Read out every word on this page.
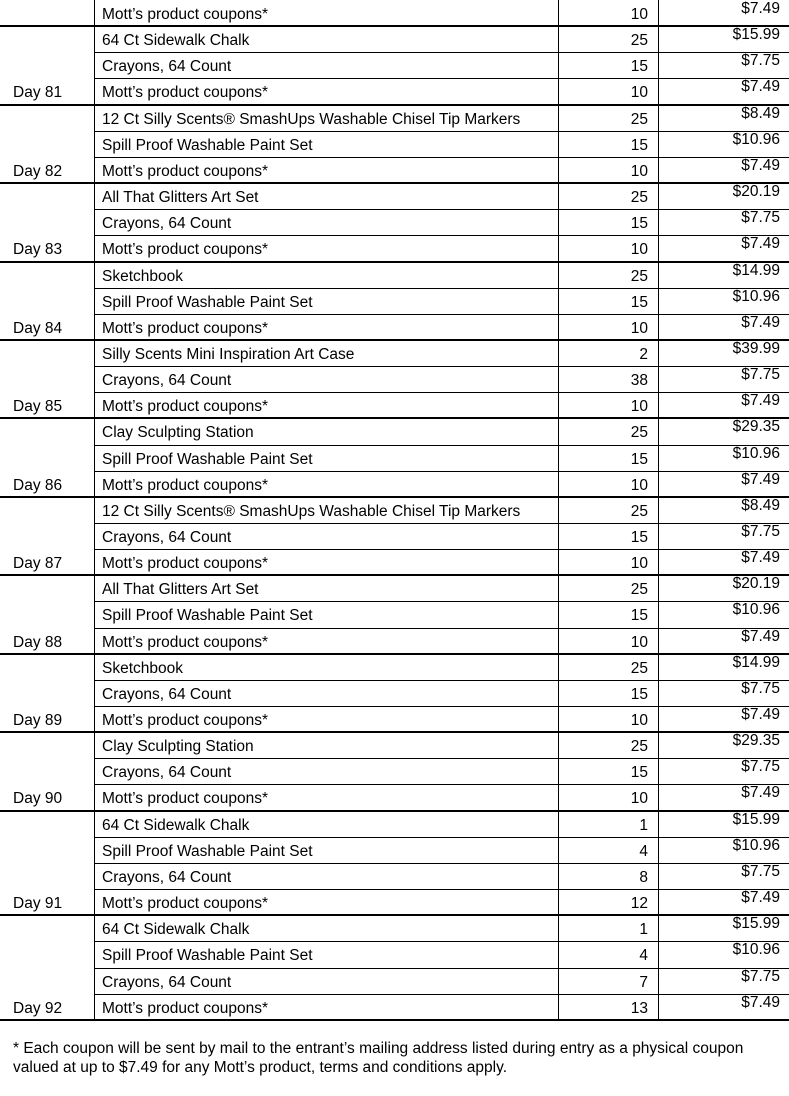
Mott’s product coupons*	10	$7.49
64 Ct Sidewalk Chalk	25	$15.99
Crayons, 64 Count	15	$7.75
Day 81	Mott’s product coupons*	10	$7.49
12 Ct Silly Scents® SmashUps Washable Chisel Tip Markers	25	$8.49
Spill Proof Washable Paint Set	15	$10.96
Day 82	Mott’s product coupons*	10	$7.49
All That Glitters Art Set	25	$20.19
Crayons, 64 Count	15	$7.75
Day 83	Mott’s product coupons*	10	$7.49
Sketchbook	25	$14.99
Spill Proof Washable Paint Set	15	$10.96
Day 84	Mott’s product coupons*	10	$7.49
Silly Scents Mini Inspiration Art Case	2	$39.99
Crayons, 64 Count	38	$7.75
Day 85	Mott’s product coupons*	10	$7.49
Clay Sculpting Station	25	$29.35
Spill Proof Washable Paint Set	15	$10.96
Day 86	Mott’s product coupons*	10	$7.49
12 Ct Silly Scents® SmashUps Washable Chisel Tip Markers	25	$8.49
Crayons, 64 Count	15	$7.75
Day 87	Mott’s product coupons*	10	$7.49
All That Glitters Art Set	25	$20.19
Spill Proof Washable Paint Set	15	$10.96
Day 88	Mott’s product coupons*	10	$7.49
Sketchbook	25	$14.99
Crayons, 64 Count	15	$7.75
Day 89	Mott’s product coupons*	10	$7.49
Clay Sculpting Station	25	$29.35
Crayons, 64 Count	15	$7.75
Day 90	Mott’s product coupons*	10	$7.49
64 Ct Sidewalk Chalk	1	$15.99
Spill Proof Washable Paint Set	4	$10.96
Crayons, 64 Count	8	$7.75
Day 91	Mott’s product coupons*	12	$7.49
64 Ct Sidewalk Chalk	1	$15.99
Spill Proof Washable Paint Set	4	$10.96
Crayons, 64 Count	7	$7.75
Day 92	Mott’s product coupons*	13	$7.49
* Each coupon will be sent by mail to the entrant’s mailing address listed during entry as a physical coupon
valued at up to $7.49 for any Mott’s product, terms and conditions apply.
